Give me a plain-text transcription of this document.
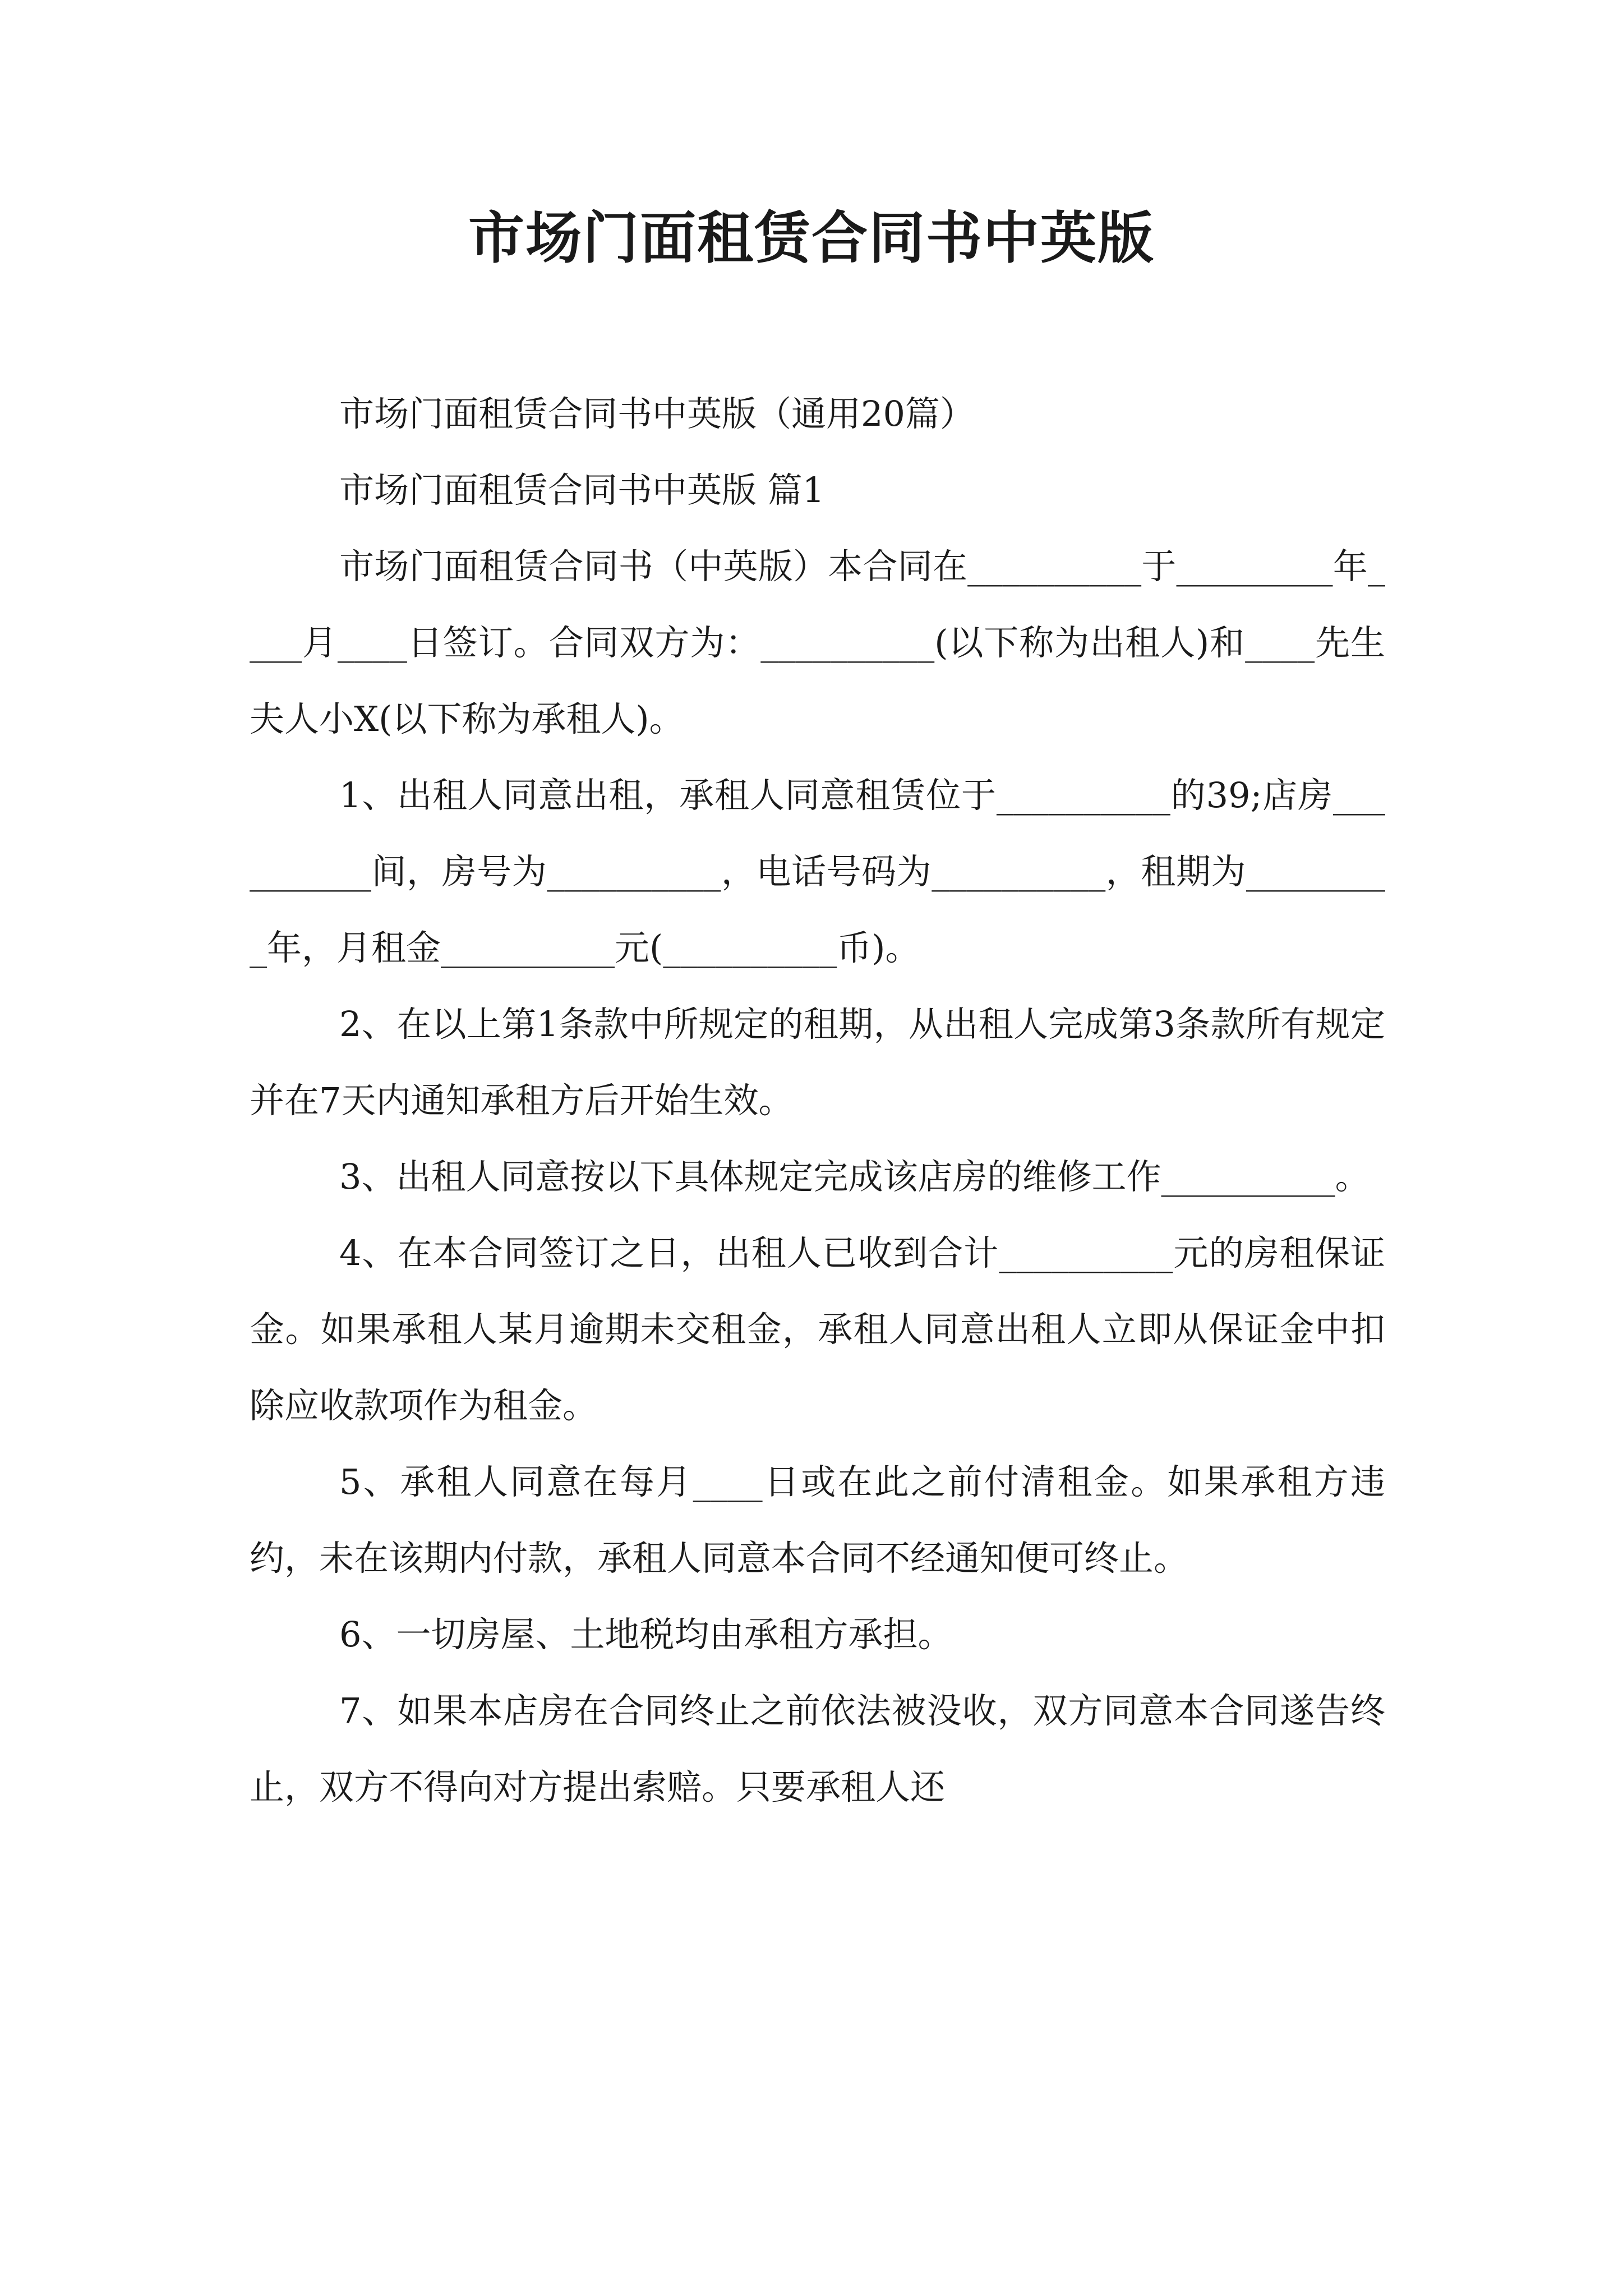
市场门面租赁合同书中英版

市场门面租赁合同书中英版（通用20篇）

市场门面租赁合同书中英版 篇1

市场门面租赁合同书（中英版）本合同在__________于_________年____月____日签订。合同双方为：__________(以下称为出租人)和____先生夫人小X(以下称为承租人)。

1、出租人同意出租，承租人同意租赁位于__________的39;店房__________间，房号为__________，电话号码为__________，租期为_________年，月租金__________元(__________币)。

2、在以上第1条款中所规定的租期，从出租人完成第3条款所有规定并在7天内通知承租方后开始生效。

3、出租人同意按以下具体规定完成该店房的维修工作__________。

4、在本合同签订之日，出租人已收到合计__________元的房租保证金。如果承租人某月逾期未交租金，承租人同意出租人立即从保证金中扣除应收款项作为租金。

5、承租人同意在每月____日或在此之前付清租金。如果承租方违约，未在该期内付款，承租人同意本合同不经通知便可终止。

6、一切房屋、土地税均由承租方承担。

7、如果本店房在合同终止之前依法被没收，双方同意本合同遂告终止，双方不得向对方提出索赔。只要承租人还
